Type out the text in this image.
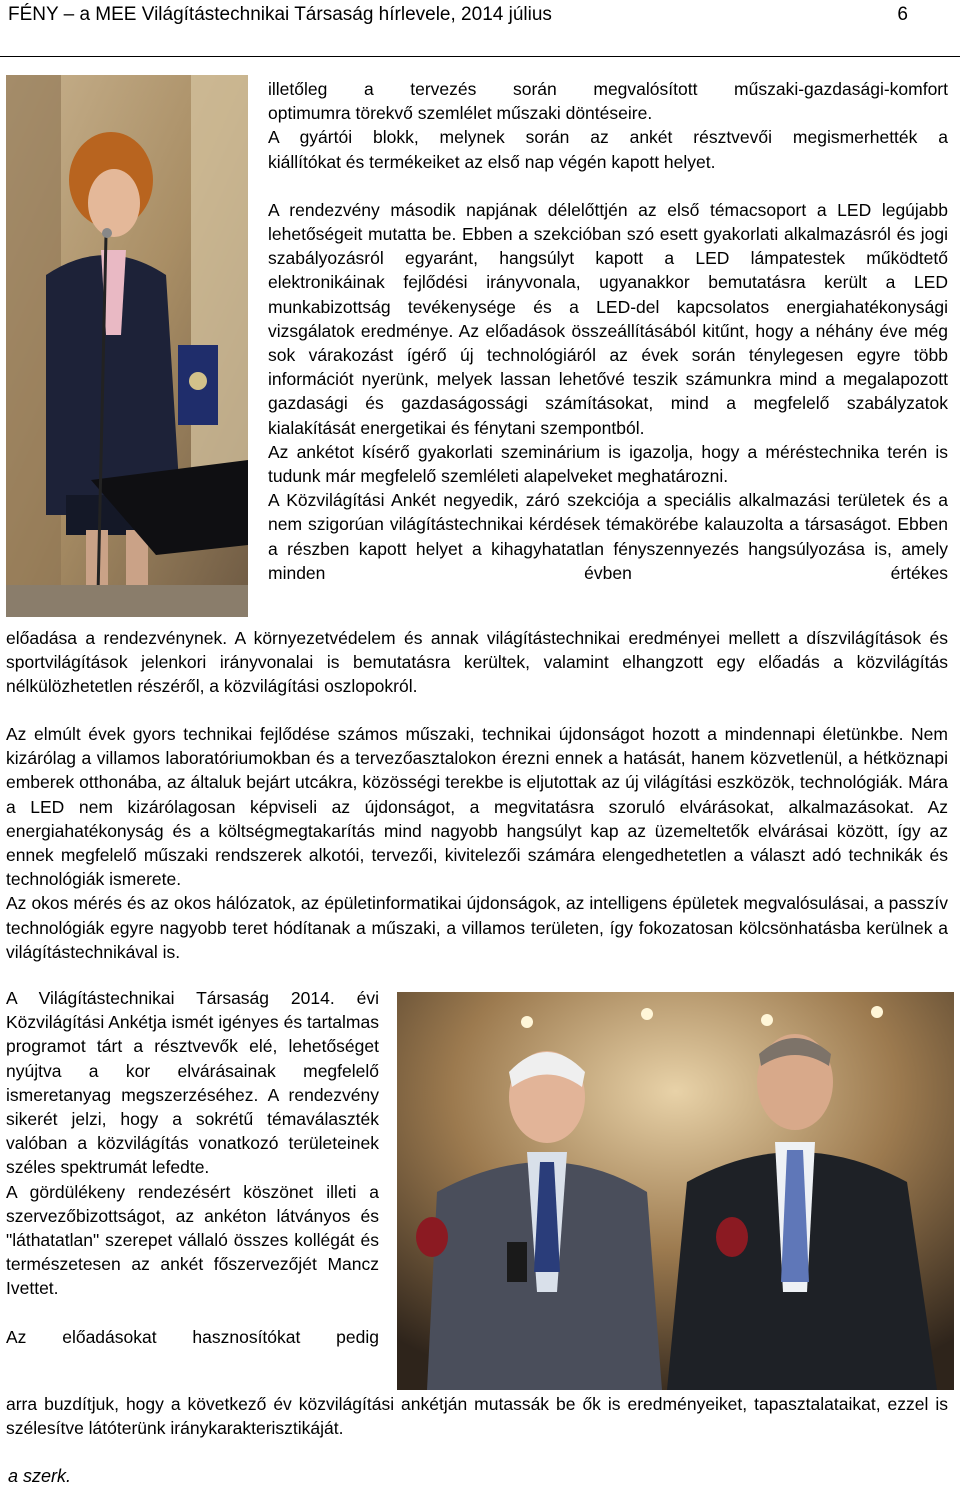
FÉNY – a MEE Világítástechnikai Társaság hírlevele, 2014 július	6

illetőleg a tervezés során megvalósított műszaki-gazdasági-komfort

optimumra törekvő szemlélet műszaki döntéseire.

A gyártói blokk, melynek során az ankét résztvevői megismerhették a

kiállítókat és termékeiket az első nap végén kapott helyet.

A rendezvény második napjának délelőttjén az első témacsoport a LED legújabb lehetőségeit mutatta be. Ebben a szekcióban szó esett gyakorlati alkalmazásról és jogi szabályozásról egyaránt, hangsúlyt kapott a LED lámpatestek működtető elektronikáinak fejlődési irányvonala, ugyanakkor bemutatásra került a LED munkabizottság tevékenysége és a LED-del kapcsolatos energiahatékonysági vizsgálatok eredménye. Az előadások összeállításából kitűnt, hogy a néhány éve még sok várakozást ígérő új technológiáról az évek során ténylegesen egyre több információt nyerünk, melyek lassan lehetővé teszik számunkra mind a megalapozott gazdasági és gazdaságossági számításokat, mind a megfelelő szabályzatok kialakítását energetikai és fénytani szempontból.

Az ankétot kísérő gyakorlati szeminárium is igazolja, hogy a méréstechnika terén is tudunk már megfelelő szemléleti alapelveket meghatározni.

A Közvilágítási Ankét negyedik, záró szekciója a speciális alkalmazási területek és a nem szigorúan világítástechnikai kérdések témakörébe kalauzolta a társaságot. Ebben a részben kapott helyet a kihagyhatatlan fényszennyezés hangsúlyozása is, amely minden évben értékes

előadása a rendezvénynek. A környezetvédelem és annak világítástechnikai eredményei mellett a díszvilágítások és sportvilágítások jelenkori irányvonalai is bemutatásra kerültek, valamint elhangzott egy előadás a közvilágítás nélkülözhetetlen részéről, a közvilágítási oszlopokról.

Az elmúlt évek gyors technikai fejlődése számos műszaki, technikai újdonságot hozott a mindennapi életünkbe. Nem kizárólag a villamos laboratóriumokban és a tervezőasztalokon érezni ennek a hatását, hanem közvetlenül, a hétköznapi emberek otthonába, az általuk bejárt utcákra, közösségi terekbe is eljutottak az új világítási eszközök, technológiák. Mára a LED nem kizárólagosan képviseli az újdonságot, a megvitatásra szoruló elvárásokat, alkalmazásokat. Az energiahatékonyság és a költségmegtakarítás mind nagyobb hangsúlyt kap az üzemeltetők elvárásai között, így az ennek megfelelő műszaki rendszerek alkotói, tervezői, kivitelezői számára elengedhetetlen a választ adó technikák és technológiák ismerete.

Az okos mérés és az okos hálózatok, az épületinformatikai újdonságok, az intelligens épületek megvalósulásai, a passzív technológiák egyre nagyobb teret hódítanak a műszaki, a villamos területen, így fokozatosan kölcsönhatásba kerülnek a világítástechnikával is.

A Világítástechnikai Társaság 2014. évi Közvilágítási Ankétja ismét igényes és tartalmas programot tárt a résztvevők elé, lehetőséget nyújtva a kor elvárásainak megfelelő ismeretanyag megszerzéséhez. A rendezvény sikerét jelzi, hogy a sokrétű témaválaszték valóban a közvilágítás vonatkozó területeinek széles spektrumát lefedte.

A gördülékeny rendezésért köszönet illeti a szervezőbizottságot, az ankéton látványos és "láthatatlan" szerepet vállaló összes kollégát és természetesen az ankét főszervezőjét Mancz Ivettet.

Az előadásokat hasznosítókat pedig

arra buzdítjuk, hogy a következő év közvilágítási ankétján mutassák be ők is eredményeiket, tapasztalataikat, ezzel is szélesítve látóterünk iránykarakterisztikáját.

a szerk.
